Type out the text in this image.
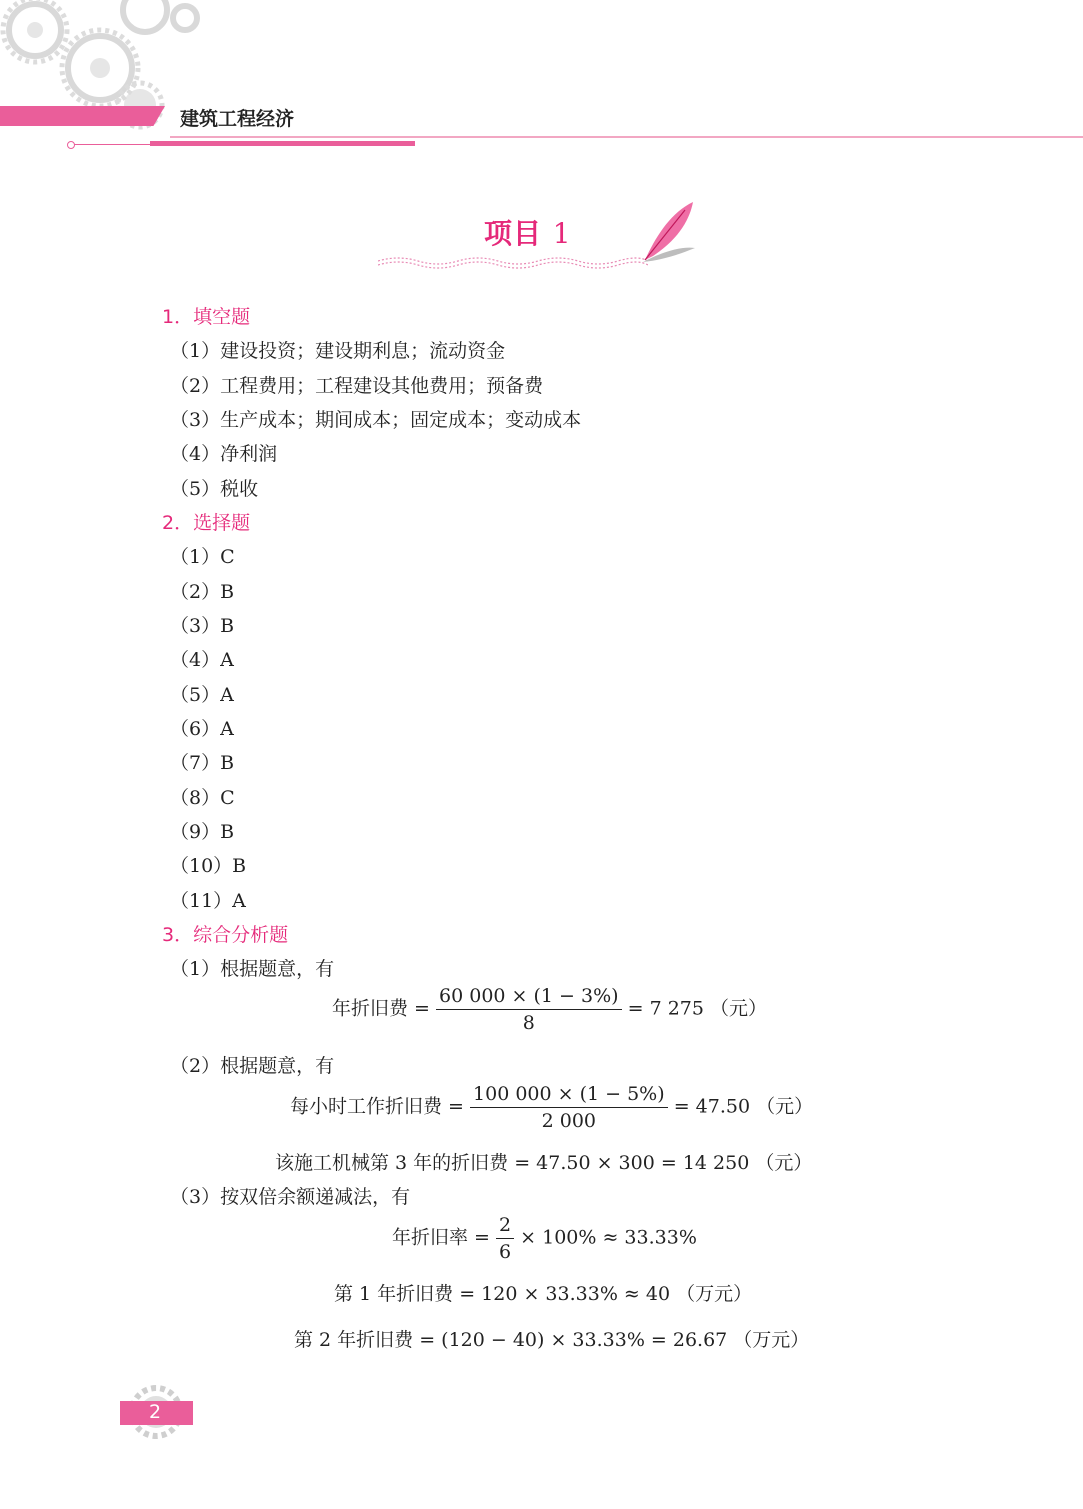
建筑工程经济
项目 1
1．填空题
（1）建设投资；建设期利息；流动资金
（2）工程费用；工程建设其他费用；预备费
（3）生产成本；期间成本；固定成本；变动成本
（4）净利润
（5）税收
2．选择题
（1）C
（2）B
（3）B
（4）A
（5）A
（6）A
（7）B
（8）C
（9）B
（10）B
（11）A
3．综合分析题
（1）根据题意，有
年折旧费 = $\frac{60 000 \times (1 - 3\%)}{8} = 7$ 275 （元）
（2）根据题意，有
每小时工作折旧费 = $\frac{100 000 \times (1 - 5\%)}{2 000} = 47.50$ （元）
该施工机械第 3 年的折旧费 = 47.50 × 300 = 14 250 （元）
（3）按双倍余额递减法，有
年折旧率 = $\frac{2}{6} \times 100\% \approx 33.33\%$
第 1 年折旧费 = 120 × 33.33% ≈ 40 （万元）
第 2 年折旧费 = (120 − 40) × 33.33% = 26.67 （万元）
2
